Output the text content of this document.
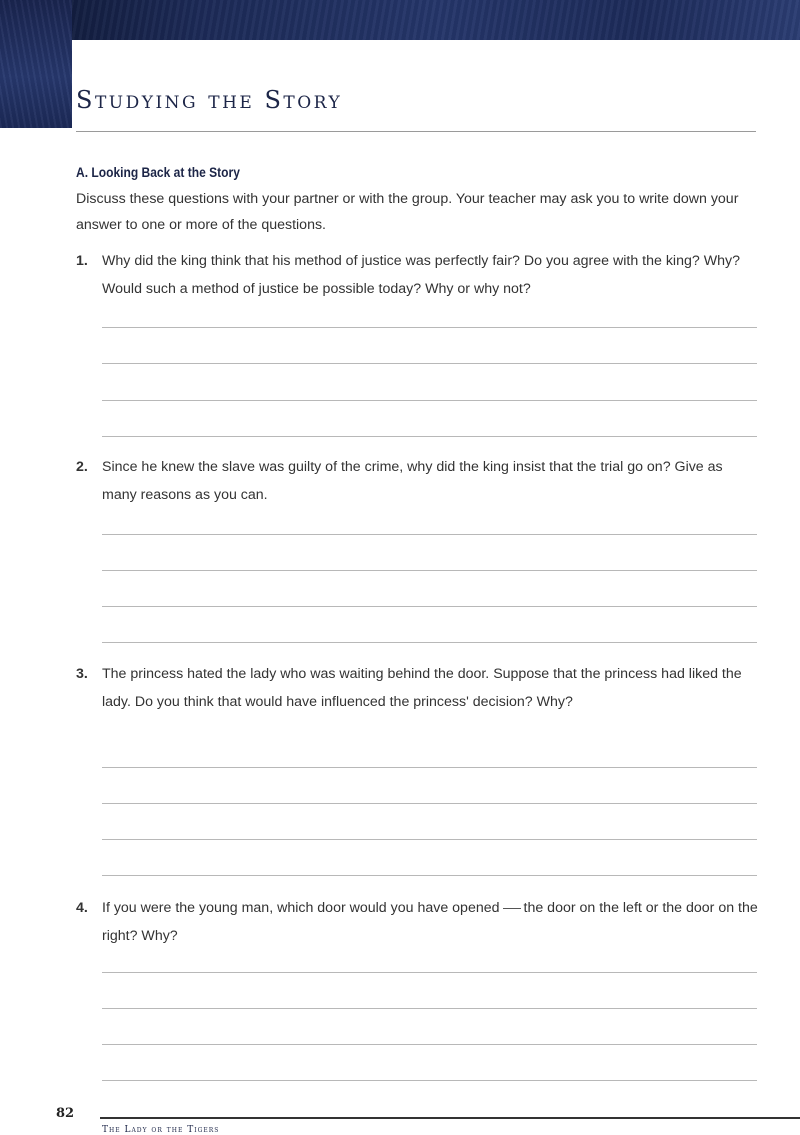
Studying the Story
A. Looking Back at the Story

Discuss these questions with your partner or with the group. Your teacher may ask you to write down your answer to one or more of the questions.

1. Why did the king think that his method of justice was perfectly fair? Do you agree with the king? Why? Would such a method of justice be possible today? Why or why not?

2. Since he knew the slave was guilty of the crime, why did the king insist that the trial go on? Give as many reasons as you can.

3. The princess hated the lady who was waiting behind the door. Suppose that the princess had liked the lady. Do you think that would have influenced the princess' decision? Why?

4. If you were the young man, which door would you have opened the door on the left or the door on the right? Why?

82
The Lady or the Tigers
